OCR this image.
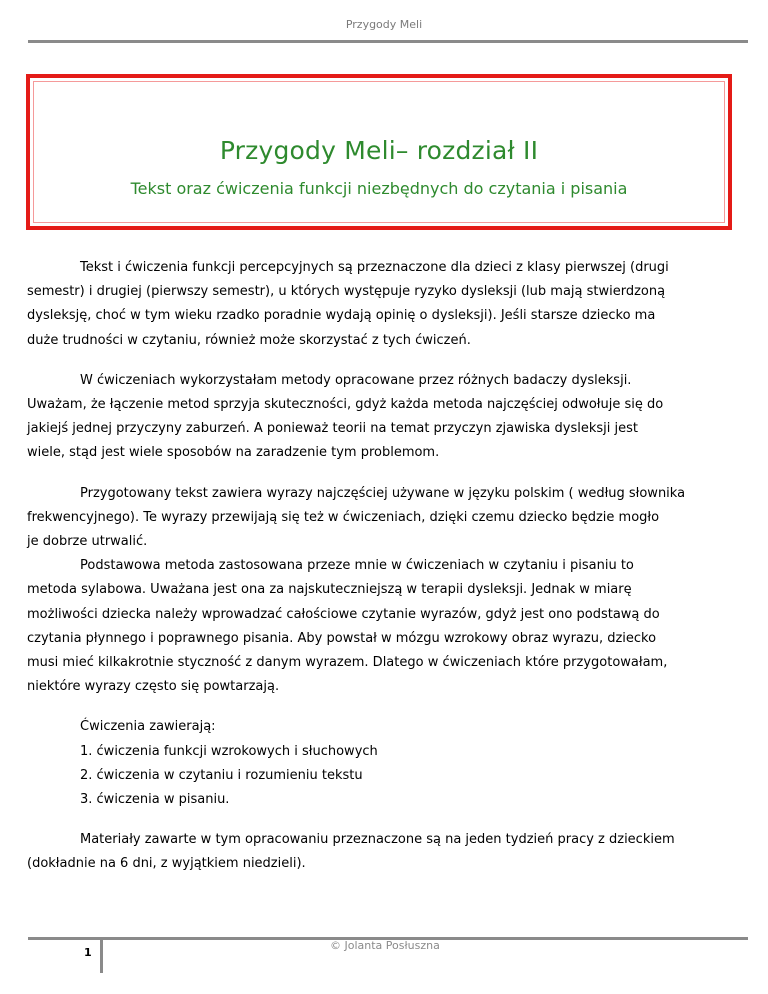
Przygody Meli
Przygody Meli– rozdział II
Tekst oraz ćwiczenia funkcji niezbędnych do czytania i pisania

Tekst i ćwiczenia funkcji percepcyjnych są przeznaczone dla dzieci z klasy pierwszej (drugi
semestr) i drugiej (pierwszy semestr), u których występuje ryzyko dysleksji (lub mają stwierdzoną
dysleksję, choć w tym wieku rzadko poradnie wydają opinię o dysleksji). Jeśli starsze dziecko ma
duże trudności w czytaniu, również może skorzystać z tych ćwiczeń.

W ćwiczeniach wykorzystałam metody opracowane przez różnych badaczy dysleksji.
Uważam, że łączenie metod sprzyja skuteczności, gdyż każda metoda najczęściej odwołuje się do
jakiejś jednej przyczyny zaburzeń. A ponieważ teorii na temat przyczyn zjawiska dysleksji jest
wiele, stąd jest wiele sposobów na zaradzenie tym problemom.

Przygotowany tekst zawiera wyrazy najczęściej używane w języku polskim ( według słownika
frekwencyjnego). Te wyrazy przewijają się też w ćwiczeniach, dzięki czemu dziecko będzie mogło
je dobrze utrwalić.

Podstawowa metoda zastosowana przeze mnie w ćwiczeniach w czytaniu i pisaniu to
metoda sylabowa. Uważana jest ona za najskuteczniejszą w terapii dysleksji. Jednak w miarę
możliwości dziecka należy wprowadzać całościowe czytanie wyrazów, gdyż jest ono podstawą do
czytania płynnego i poprawnego pisania. Aby powstał w mózgu wzrokowy obraz wyrazu, dziecko
musi mieć kilkakrotnie styczność z danym wyrazem. Dlatego w ćwiczeniach które przygotowałam,
niektóre wyrazy często się powtarzają.

Ćwiczenia zawierają:
1. ćwiczenia funkcji wzrokowych i słuchowych
2. ćwiczenia w czytaniu i rozumieniu tekstu
3. ćwiczenia w pisaniu.

Materiały zawarte w tym opracowaniu przeznaczone są na jeden tydzień pracy z dzieckiem
(dokładnie na 6 dni, z wyjątkiem niedzieli).

1
© Jolanta Posłuszna
